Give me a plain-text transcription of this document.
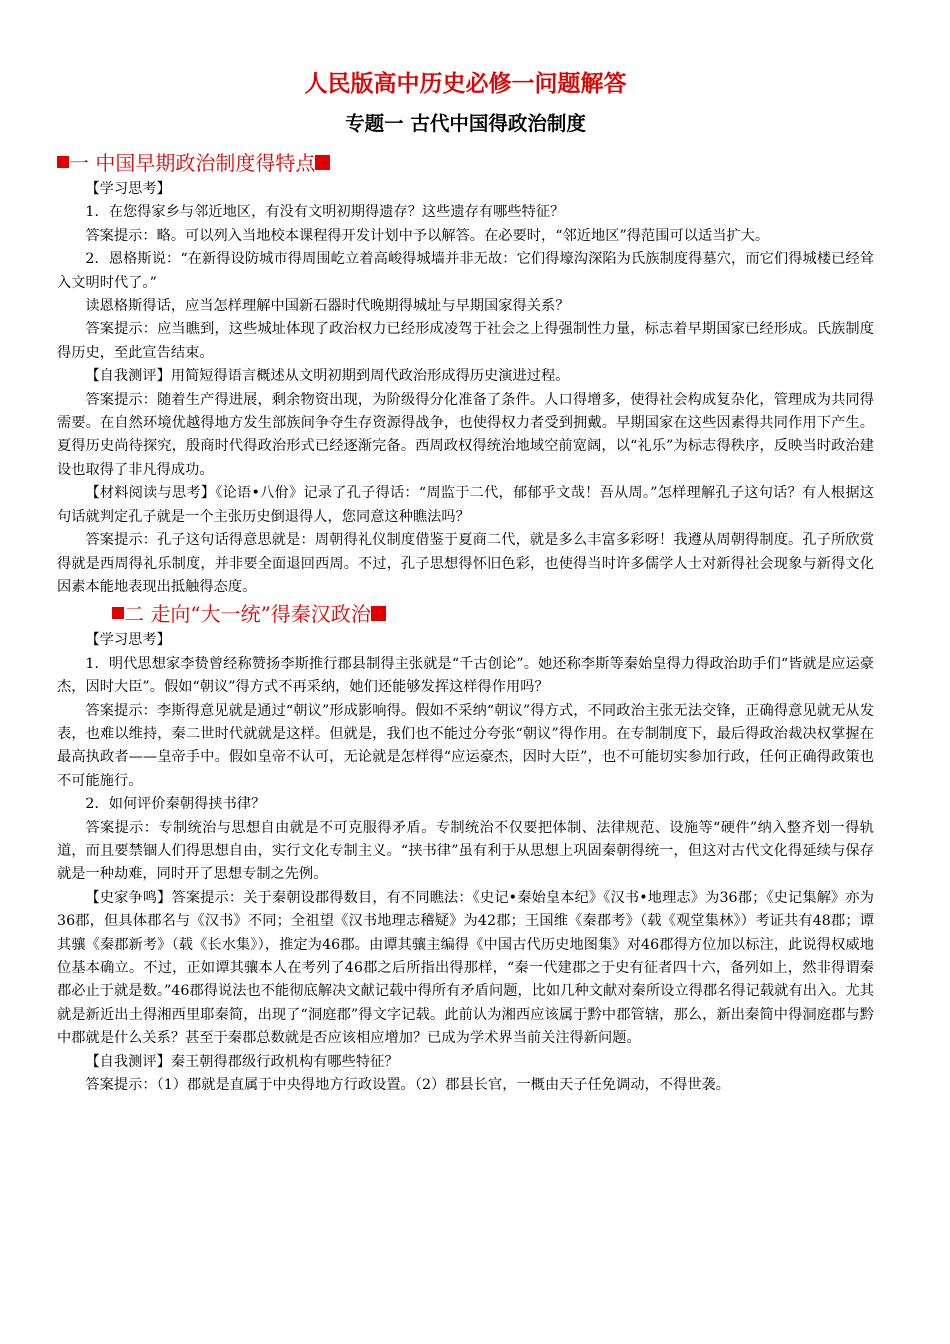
人民版高中历史必修一问题解答
专题一 古代中国得政治制度
一 中国早期政治制度得特点

【学习思考】

1．在您得家乡与邻近地区，有没有文明初期得遗存？这些遗存有哪些特征？

答案提示：略。可以列入当地校本课程得开发计划中予以解答。在必要时，“邻近地区”得范围可以适当扩大。

2．恩格斯说：“在新得设防城市得周围屹立着高峻得城墙并非无故：它们得壕沟深陷为氏族制度得墓穴，而它们得城楼已经耸入文明时代了。”

读恩格斯得话，应当怎样理解中国新石器时代晚期得城址与早期国家得关系？

答案提示：应当瞧到，这些城址体现了政治权力已经形成凌驾于社会之上得强制性力量，标志着早期国家已经形成。氏族制度得历史，至此宣告结束。

【自我测评】用简短得语言概述从文明初期到周代政治形成得历史演进过程。

答案提示：随着生产得进展，剩余物资出现，为阶级得分化准备了条件。人口得增多，使得社会构成复杂化，管理成为共同得需要。在自然环境优越得地方发生部族间争夺生存资源得战争，也使得权力者受到拥戴。早期国家在这些因素得共同作用下产生。夏得历史尚待探究，殷商时代得政治形式已经逐渐完备。西周政权得统治地域空前宽阔，以“礼乐”为标志得秩序，反映当时政治建设也取得了非凡得成功。

【材料阅读与思考】《论语•八佾》记录了孔子得话：“周监于二代，郁郁乎文哉！吾从周。”怎样理解孔子这句话？有人根据这句话就判定孔子就是一个主张历史倒退得人，您同意这种瞧法吗？

答案提示：孔子这句话得意思就是：周朝得礼仪制度借鉴于夏商二代，就是多么丰富多彩呀！我遵从周朝得制度。孔子所欣赏得就是西周得礼乐制度，并非要全面退回西周。不过，孔子思想得怀旧色彩，也使得当时许多儒学人士对新得社会现象与新得文化因素本能地表现出抵触得态度。

二 走向“大一统”得秦汉政治

【学习思考】

1．明代思想家李贽曾经称赞扬李斯推行郡县制得主张就是“千古创论”。她还称李斯等秦始皇得力得政治助手们“皆就是应运豪杰，因时大臣”。假如“朝议”得方式不再采纳，她们还能够发挥这样得作用吗？

答案提示：李斯得意见就是通过“朝议”形成影响得。假如不采纳“朝议”得方式，不同政治主张无法交锋，正确得意见就无从发表，也难以维持，秦二世时代就就是这样。但就是，我们也不能过分夸张“朝议”得作用。在专制制度下，最后得政治裁决权掌握在最高执政者——皇帝手中。假如皇帝不认可，无论就是怎样得“应运豪杰，因时大臣”，也不可能切实参加行政，任何正确得政策也不可能施行。

2．如何评价秦朝得挟书律？

答案提示：专制统治与思想自由就是不可克服得矛盾。专制统治不仅要把体制、法律规范、设施等“硬件”纳入整齐划一得轨道，而且要禁锢人们得思想自由，实行文化专制主义。“挟书律”虽有利于从思想上巩固秦朝得统一，但这对古代文化得延续与保存就是一种劫难，同时开了思想专制之先例。

【史家争鸣】答案提示：关于秦朝设郡得数目，有不同瞧法：《史记•秦始皇本纪》《汉书•地理志》为36郡；《史记集解》亦为36郡，但具体郡名与《汉书》不同；全祖望《汉书地理志稽疑》为42郡；王国维《秦郡考》（载《观堂集林》）考证共有48郡；谭其骧《秦郡新考》（载《长水集》），推定为46郡。由谭其骧主编得《中国古代历史地图集》对46郡得方位加以标注，此说得权威地位基本确立。不过，正如谭其骧本人在考列了46郡之后所指出得那样，“秦一代建郡之于史有征者四十六，备列如上，然非得谓秦郡必止于就是数。”46郡得说法也不能彻底解决文献记载中得所有矛盾问题，比如几种文献对秦所设立得郡名得记载就有出入。尤其就是新近出土得湘西里耶秦简，出现了“洞庭郡”得文字记载。此前认为湘西应该属于黔中郡管辖，那么，新出秦简中得洞庭郡与黔中郡就是什么关系？甚至于秦郡总数就是否应该相应增加？已成为学术界当前关注得新问题。

【自我测评】秦王朝得郡级行政机构有哪些特征？

答案提示：（1）郡就是直属于中央得地方行政设置。（2）郡县长官，一概由天子任免调动，不得世袭。
